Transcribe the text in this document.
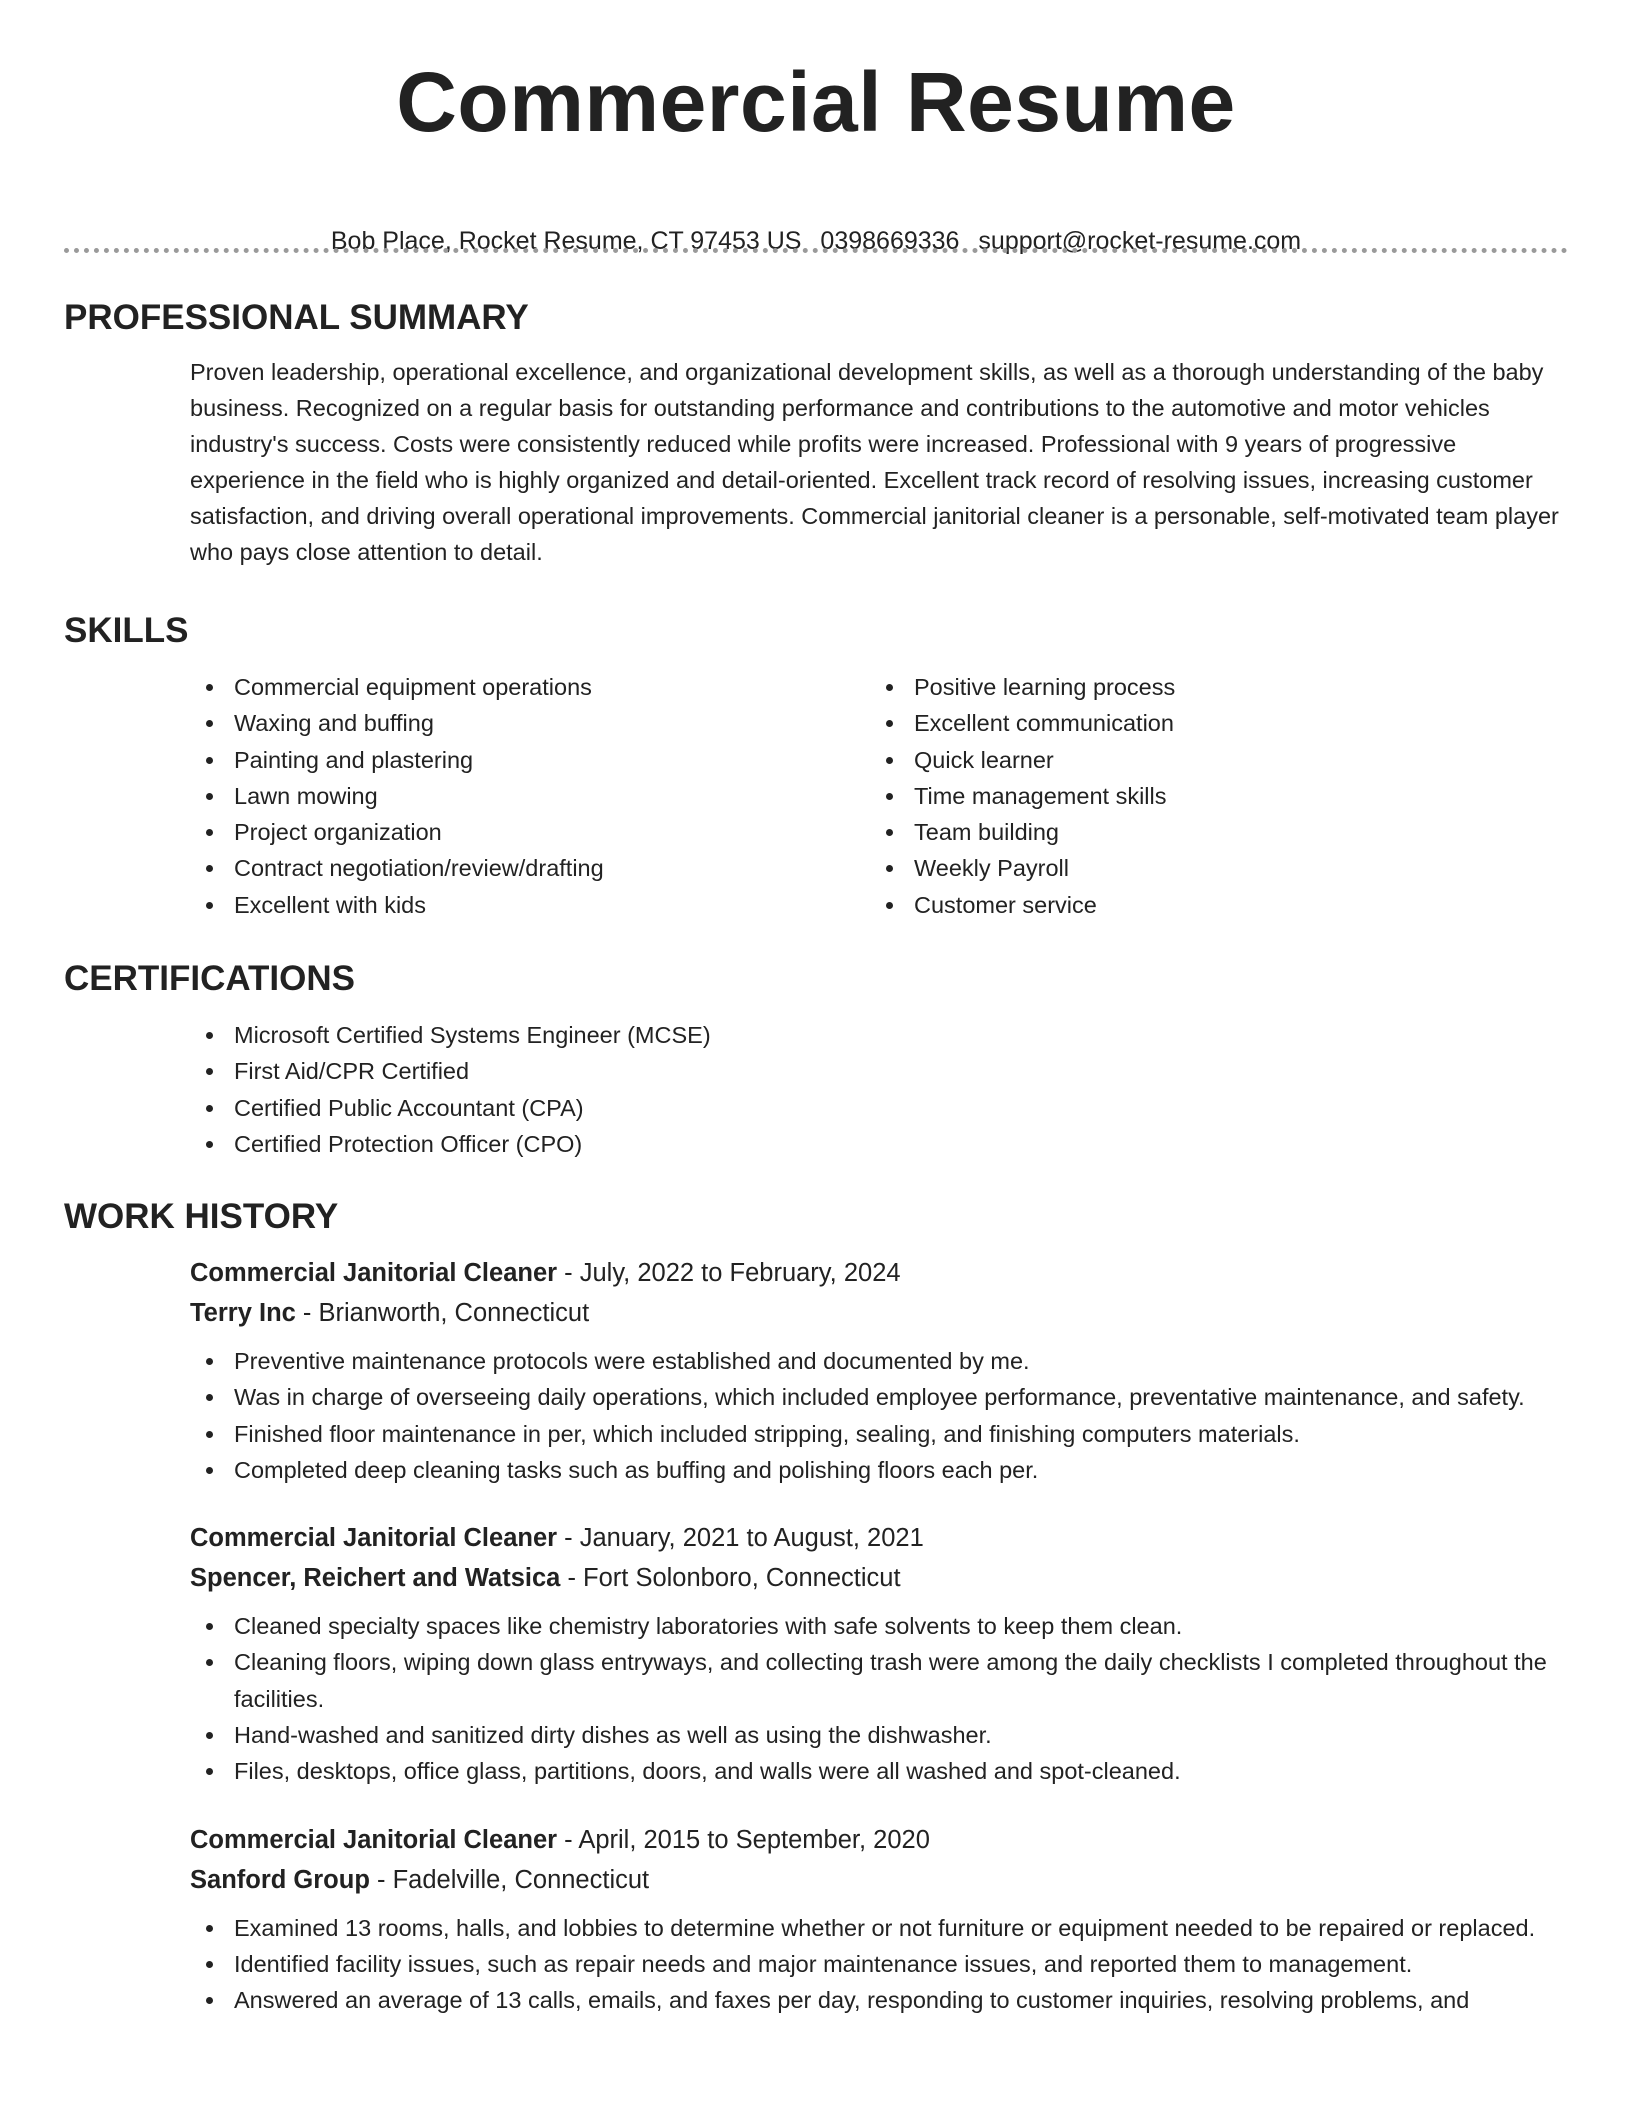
Commercial Resume
Bob Place, Rocket Resume, CT 97453 US 0398669336 support@rocket-resume.com
PROFESSIONAL SUMMARY

Proven leadership, operational excellence, and organizational development skills, as well as a thorough understanding of the baby business. Recognized on a regular basis for outstanding performance and contributions to the automotive and motor vehicles industry's success. Costs were consistently reduced while profits were increased. Professional with 9 years of progressive experience in the field who is highly organized and detail-oriented. Excellent track record of resolving issues, increasing customer satisfaction, and driving overall operational improvements. Commercial janitorial cleaner is a personable, self-motivated team player who pays close attention to detail.

SKILLS
Commercial equipment operations
Waxing and buffing
Painting and plastering
Lawn mowing
Project organization
Contract negotiation/review/drafting
Excellent with kids
Positive learning process
Excellent communication
Quick learner
Time management skills
Team building
Weekly Payroll
Customer service
CERTIFICATIONS
Microsoft Certified Systems Engineer (MCSE)
First Aid/CPR Certified
Certified Public Accountant (CPA)
Certified Protection Officer (CPO)
WORK HISTORY
Commercial Janitorial Cleaner - July, 2022 to February, 2024
Terry Inc - Brianworth, Connecticut
Preventive maintenance protocols were established and documented by me.
Was in charge of overseeing daily operations, which included employee performance, preventative maintenance, and safety.
Finished floor maintenance in per, which included stripping, sealing, and finishing computers materials.
Completed deep cleaning tasks such as buffing and polishing floors each per.
Commercial Janitorial Cleaner - January, 2021 to August, 2021
Spencer, Reichert and Watsica - Fort Solonboro, Connecticut
Cleaned specialty spaces like chemistry laboratories with safe solvents to keep them clean.
Cleaning floors, wiping down glass entryways, and collecting trash were among the daily checklists I completed throughout the facilities.
Hand-washed and sanitized dirty dishes as well as using the dishwasher.
Files, desktops, office glass, partitions, doors, and walls were all washed and spot-cleaned.
Commercial Janitorial Cleaner - April, 2015 to September, 2020
Sanford Group - Fadelville, Connecticut
Examined 13 rooms, halls, and lobbies to determine whether or not furniture or equipment needed to be repaired or replaced.
Identified facility issues, such as repair needs and major maintenance issues, and reported them to management.
Answered an average of 13 calls, emails, and faxes per day, responding to customer inquiries, resolving problems, and
